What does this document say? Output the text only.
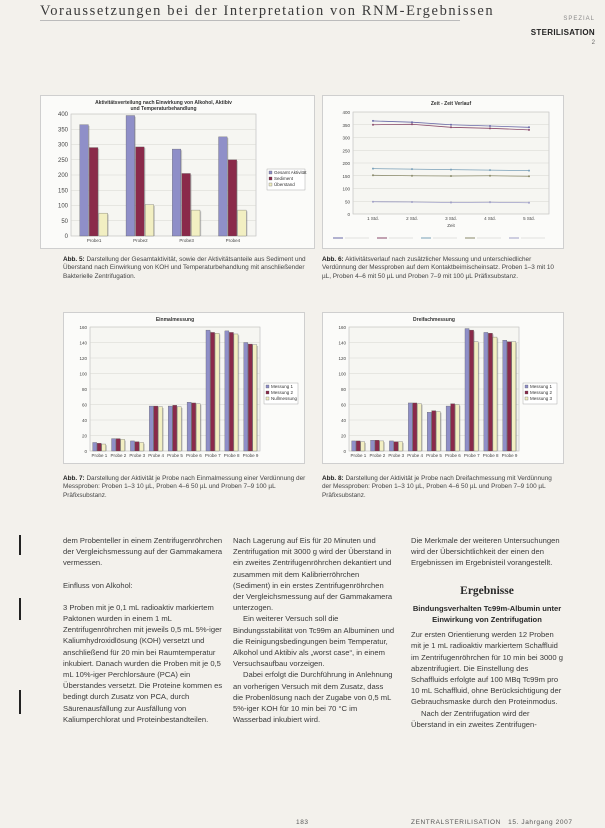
Voraussetzungen bei der Interpretation von RNM-Ergebnissen	SPEZIAL
STERILISATION
2
Aktivitätsverteilung nach Einwirkung von Alkohol, Aktibiv
und Temperaturbehandlung
0
50
100
150
200
250
300
350
400
Probe1	Probe2	Probe3	Probe4
Gesamt Aktivität
Sediment
Überstand
Zeit - Zeit Verlauf
0
50
100
150
200
250
300
350
400
1 Std.	2 Std.	3 Std.	4 Std.	5 Std.
Zeit
Einmalmessung
0
20
40
60
80
100
120
140
160
Probe 1 Probe 2 Probe 3 Probe 4 Probe 5 Probe 6 Probe 7 Probe 8 Probe 9
Messung 1
Messung 2
Nullmessung
Dreifachmessung
0
20
40
60
80
100
120
140
160
Probe 1 Probe 2 Probe 3 Probe 4 Probe 5 Probe 6 Probe 7 Probe 8 Probe 9
Messung 1
Messung 2
Messung 3
Abb. 5: Darstellung der Gesamtaktivität, sowie der Aktivitätsanteile aus Sediment und Überstand nach Einwirkung von KOH und Temperaturbehandlung mit anschließender Bakterielle Zentrifugation.
Abb. 6: Aktivitätsverlauf nach zusätzlicher Messung und unterschiedlicher Verdünnung der Messproben auf dem Kontaktbeimischeinsatz. Proben 1–3 mit 10 µL, Proben 4–6 mit 50 µL und Proben 7–9 mit 100 µL Präfixsubstanz.
Abb. 7: Darstellung der Aktivität je Probe nach Einmalmessung einer Verdünnung der Messproben: Proben 1–3 10 µL, Proben 4–6 50 µL und Proben 7–9 100 µL Präfixsubstanz.
Abb. 8: Darstellung der Aktivität je Probe nach Dreifachmessung mit Verdünnung der Messproben: Proben 1–3 10 µL, Proben 4–6 50 µL und Proben 7–9 100 µL Präfixsubstanz.

dem Probenteller in einem Zentrifugenröhrchen der Vergleichsmessung auf der Gammakamera vermessen.

Einfluss von Alkohol:

3 Proben mit je 0,1 mL radioaktiv markiertem Paktonen wurden in einem 1 mL Zentrifugenröhrchen mit jeweils 0,5 mL 5%-iger Kaliumhydroxidlösung (KOH) versetzt und anschließend für 20 min bei Raumtemperatur inkubiert. Danach wurden die Proben mit je 0,5 mL 10%-iger Perchlorsäure (PCA) ein Überstandes versetzt. Die Proteine kommen es bedingt durch Zusatz von PCA, durch Säurenausfällung zur Ausfällung von Kaliumperchlorat und Proteinbestandteilen.

Nach Lagerung auf Eis für 20 Minuten und Zentrifugation mit 3000 g wird der Überstand in ein zweites Zentrifugenröhrchen dekantiert und zusammen mit dem Kalibrierröhrchen (Sediment) in ein erstes Zentrifugenröhrchen der Vergleichsmessung auf der Gammakamera unterzogen.

Ein weiterer Versuch soll die Bindungsstabilität von Tc99m an Albuminen und die Reinigungsbedingungen beim Temperatur, Alkohol und Aktibiv als „worst case“, in einem Versuchsaufbau vorzeigen.

Dabei erfolgt die Durchführung in Anlehnung an vorherigen Versuch mit dem Zusatz, dass die Probenlösung nach der Zugabe von 0,5 mL 5%-iger KOH für 10 min bei 70 °C im Wasserbad inkubiert wird.

Die Merkmale der weiteren Untersuchungen wird der Übersichtlichkeit der einen den Ergebnissen im Ergebnisteil vorangestellt.

Ergebnisse

Bindungsverhalten Tc99m-Albumin unter Einwirkung von Zentrifugation

Zur ersten Orientierung werden 12 Proben mit je 1 mL radioaktiv markiertem Schaffluid im Zentrifugenröhrchen für 10 min bei 3000 g abzentrifugiert. Die Einstellung des Schaffluids erfolgte auf 100 MBq Tc99m pro 10 mL Schaffluid, ohne Berücksichtigung der Gebrauchsmaske durch den Proteinmodus.

Nach der Zentrifugation wird der Überstand in ein zweites Zentrifugen-

183	ZENTRALSTERILISATION 15. Jahrgang 2007
